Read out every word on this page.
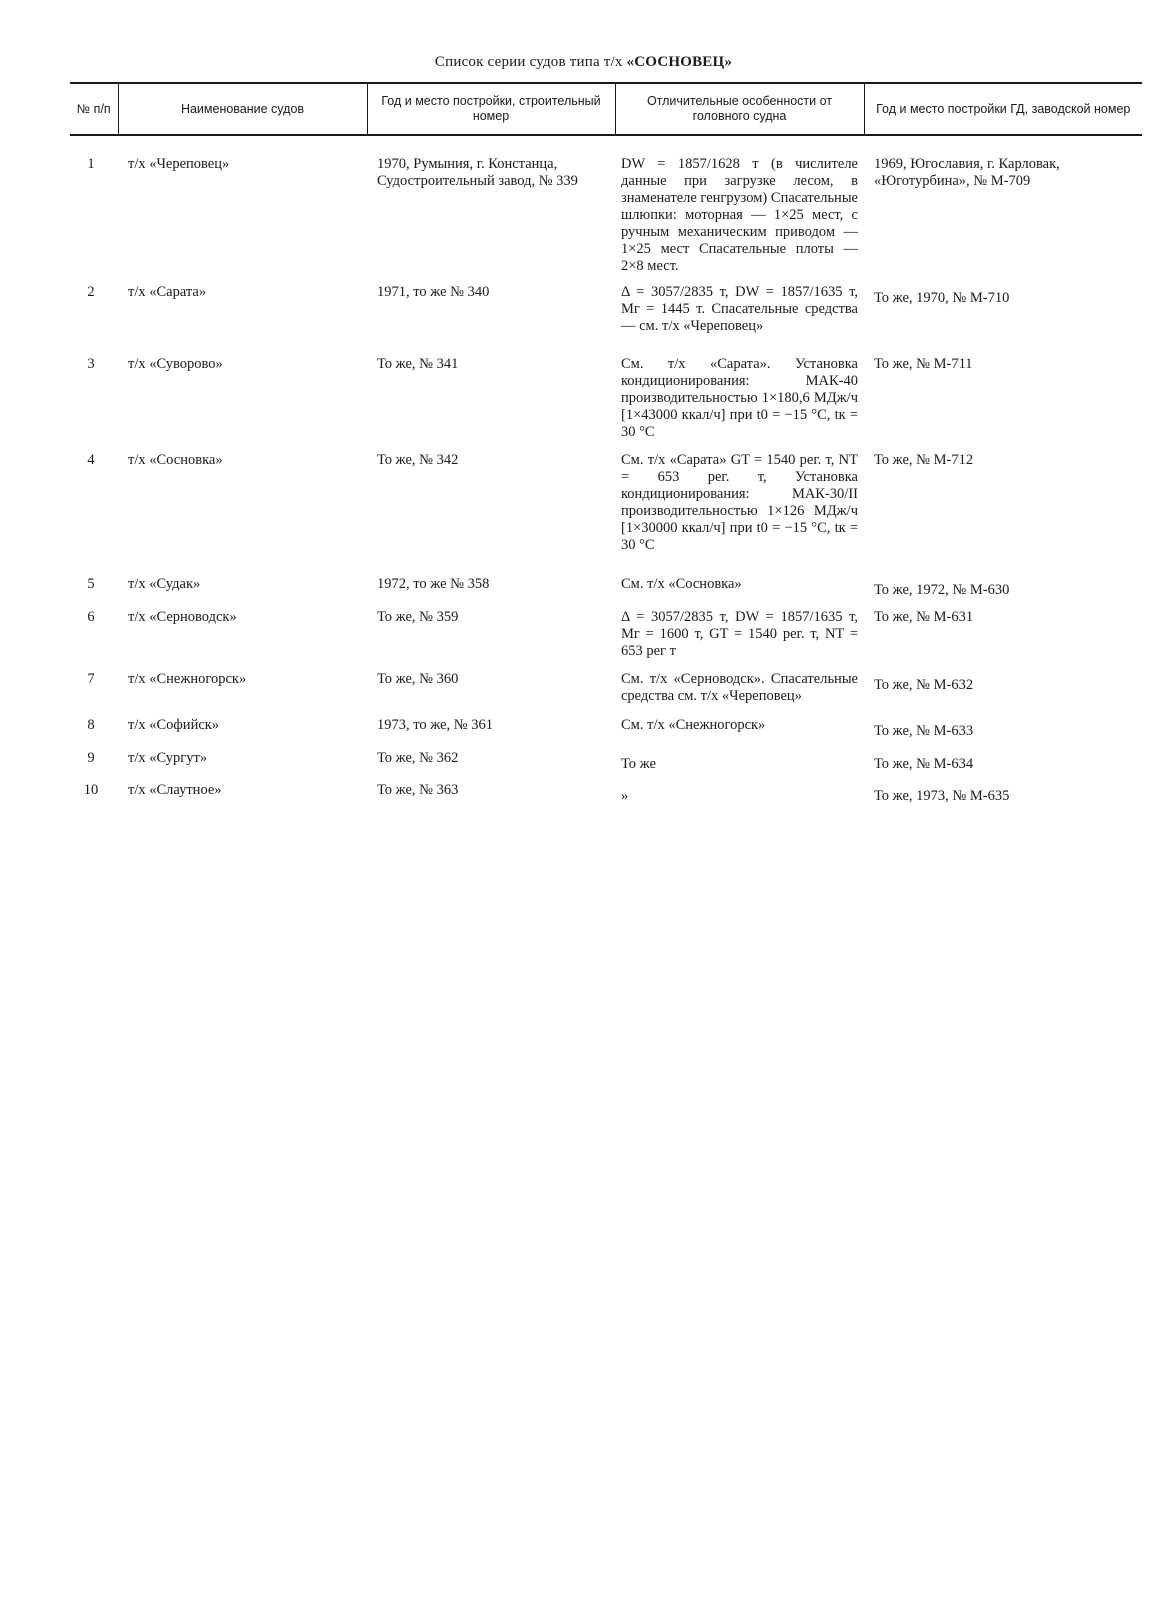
Список серии судов типа т/х «СОСНОВЕЦ»
№ п/п	Наименование судов	Год и место постройки, строительный номер	Отличительные особенности от головного судна	Год и место постройки ГД, заводской номер
1	т/х «Череповец»	1970, Румыния, г. Констанца, Судостроительный завод, № 339	DW = 1857/1628 т (в числителе данные при загрузке лесом, в знаменателе генгрузом) Спасательные шлюпки: моторная — 1×25 мест, с ручным механическим приводом — 1×25 мест Спасательные плоты — 2×8 мест.	1969, Югославия, г. Карловак, «Юготурбина», № М-709
2	т/х «Сарата»	1971, то же № 340	Δ = 3057/2835 т, DW = 1857/1635 т, Mг = 1445 т. Спасательные средства — см. т/х «Череповец»	То же, 1970, № М-710
3	т/х «Суворово»	То же, № 341	См. т/х «Сарата». Установка кондиционирования: МАК-40 производительностью 1×180,6 МДж/ч [1×43000 ккал/ч] при t0 = −15 °С, tк = 30 °С	То же, № М-711
4	т/х «Сосновка»	То же, № 342	См. т/х «Сарата» GT = 1540 рег. т, NT = 653 рег. т, Установка кондиционирования: МАК-30/II производительностью 1×126 МДж/ч [1×30000 ккал/ч] при t0 = −15 °С, tк = 30 °С	То же, № М-712
5	т/х «Судак»	1972, то же № 358	См. т/х «Сосновка»	То же, 1972, № М-630
6	т/х «Серноводск»	То же, № 359	Δ = 3057/2835 т, DW = 1857/1635 т, Mг = 1600 т, GT = 1540 рег. т, NT = 653 рег т	То же, № М-631
7	т/х «Снежногорск»	То же, № 360	См. т/х «Серноводск». Спасательные средства см. т/х «Череповец»	То же, № М-632
8	т/х «Софийск»	1973, то же, № 361	См. т/х «Снежногорск»	То же, № М-633
9	т/х «Сургут»	То же, № 362	То же	То же, № М-634
10	т/х «Слаутное»	То же, № 363	»	То же, 1973, № М-635
